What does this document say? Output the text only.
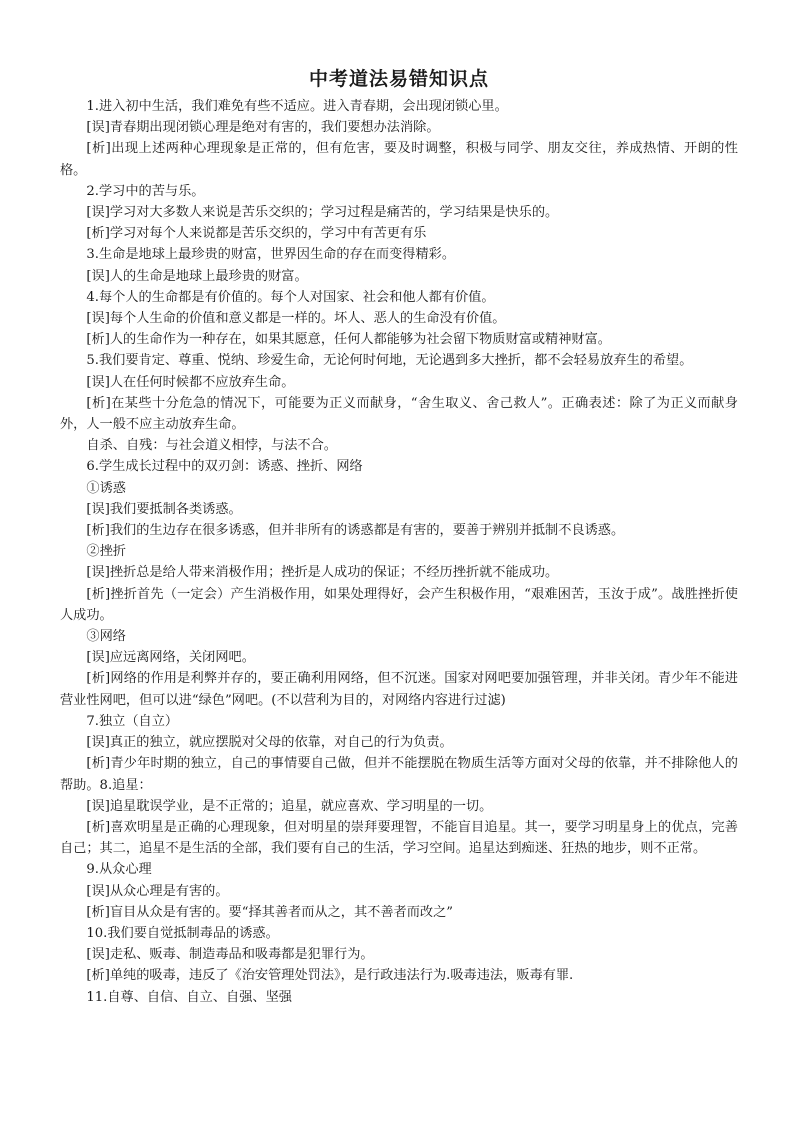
中考道法易错知识点

1.进入初中生活，我们难免有些不适应。进入青春期，会出现闭锁心里。

[误]青春期出现闭锁心理是绝对有害的，我们要想办法消除。

[析]出现上述两种心理现象是正常的，但有危害，要及时调整，积极与同学、朋友交往，养成热情、开朗的性格。

2.学习中的苦与乐。

[误]学习对大多数人来说是苦乐交织的；学习过程是痛苦的，学习结果是快乐的。

[析]学习对每个人来说都是苦乐交织的，学习中有苦更有乐

3.生命是地球上最珍贵的财富，世界因生命的存在而变得精彩。

[误]人的生命是地球上最珍贵的财富。

4.每个人的生命都是有价值的。每个人对国家、社会和他人都有价值。

[误]每个人生命的价值和意义都是一样的。坏人、恶人的生命没有价值。

[析]人的生命作为一种存在，如果其愿意，任何人都能够为社会留下物质财富或精神财富。

5.我们要肯定、尊重、悦纳、珍爱生命，无论何时何地，无论遇到多大挫折，都不会轻易放弃生的希望。

[误]人在任何时候都不应放弃生命。

[析]在某些十分危急的情况下，可能要为正义而献身，“舍生取义、舍己救人”。正确表述：除了为正义而献身外，人一般不应主动放弃生命。

自杀、自残：与社会道义相悖，与法不合。

6.学生成长过程中的双刃剑：诱惑、挫折、网络

①诱惑

[误]我们要抵制各类诱惑。

[析]我们的生边存在很多诱惑，但并非所有的诱惑都是有害的，要善于辨别并抵制不良诱惑。

②挫折

[误]挫折总是给人带来消极作用；挫折是人成功的保证；不经历挫折就不能成功。

[析]挫折首先（一定会）产生消极作用，如果处理得好，会产生积极作用，“艰难困苦，玉汝于成”。战胜挫折使人成功。

③网络

[误]应远离网络，关闭网吧。

[析]网络的作用是利弊并存的，要正确利用网络，但不沉迷。国家对网吧要加强管理，并非关闭。青少年不能进营业性网吧，但可以进“绿色”网吧。(不以营利为目的，对网络内容进行过滤)

7.独立（自立）

[误]真正的独立，就应摆脱对父母的依靠，对自己的行为负责。

[析]青少年时期的独立，自己的事情要自己做，但并不能摆脱在物质生活等方面对父母的依靠，并不排除他人的帮助。8.追星：

[误]追星耽误学业，是不正常的；追星，就应喜欢、学习明星的一切。

[析]喜欢明星是正确的心理现象，但对明星的崇拜要理智，不能盲目追星。其一，要学习明星身上的优点，完善自己；其二，追星不是生活的全部，我们要有自己的生活，学习空间。追星达到痴迷、狂热的地步，则不正常。

9.从众心理

[误]从众心理是有害的。

[析]盲目从众是有害的。要“择其善者而从之，其不善者而改之”

10.我们要自觉抵制毒品的诱惑。

[误]走私、贩毒、制造毒品和吸毒都是犯罪行为。

[析]单纯的吸毒，违反了《治安管理处罚法》，是行政违法行为.吸毒违法，贩毒有罪.

11.自尊、自信、自立、自强、坚强
